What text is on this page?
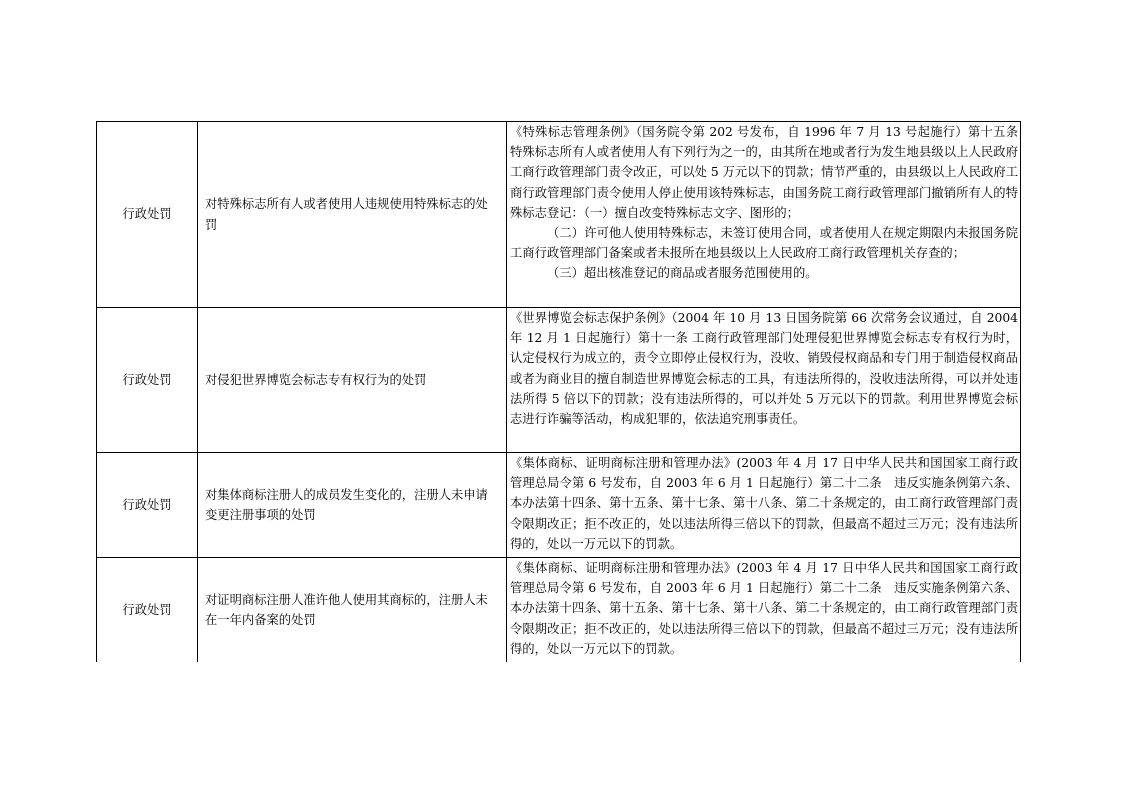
行政处罚	对特殊标志所有人或者使用人违规使用特殊标志的处罚	《特殊标志管理条例》（国务院令第 202 号发布，自 1996 年 7 月 13 号起施行）第十五条 特殊标志所有人或者使用人有下列行为之一的，由其所在地或者行为发生地县级以上人民政府工商行政管理部门责令改正，可以处 5 万元以下的罚款；情节严重的，由县级以上人民政府工商行政管理部门责令使用人停止使用该特殊标志，由国务院工商行政管理部门撤销所有人的特殊标志登记：（一）擅自改变特殊标志文字、图形的；

（二）许可他人使用特殊标志，未签订使用合同，或者使用人在规定期限内未报国务院工商行政管理部门备案或者未报所在地县级以上人民政府工商行政管理机关存查的；

（三）超出核准登记的商品或者服务范围使用的。

行政处罚	对侵犯世界博览会标志专有权行为的处罚	《世界博览会标志保护条例》（2004 年 10 月 13 日国务院第 66 次常务会议通过，自 2004 年 12 月 1 日起施行）第十一条 工商行政管理部门处理侵犯世界博览会标志专有权行为时，认定侵权行为成立的，责令立即停止侵权行为，没收、销毁侵权商品和专门用于制造侵权商品或者为商业目的擅自制造世界博览会标志的工具，有违法所得的，没收违法所得，可以并处违法所得 5 倍以下的罚款；没有违法所得的，可以并处 5 万元以下的罚款。利用世界博览会标志进行诈骗等活动，构成犯罪的，依法追究刑事责任。

行政处罚	对集体商标注册人的成员发生变化的，注册人未申请变更注册事项的处罚	《集体商标、证明商标注册和管理办法》(2003 年 4 月 17 日中华人民共和国国家工商行政管理总局令第 6 号发布，自 2003 年 6 月 1 日起施行）第二十二条　违反实施条例第六条、本办法第十四条、第十五条、第十七条、第十八条、第二十条规定的，由工商行政管理部门责令限期改正；拒不改正的，处以违法所得三倍以下的罚款，但最高不超过三万元；没有违法所得的，处以一万元以下的罚款。

行政处罚	对证明商标注册人准许他人使用其商标的，注册人未在一年内备案的处罚	《集体商标、证明商标注册和管理办法》(2003 年 4 月 17 日中华人民共和国国家工商行政管理总局令第 6 号发布，自 2003 年 6 月 1 日起施行）第二十二条　违反实施条例第六条、本办法第十四条、第十五条、第十七条、第十八条、第二十条规定的，由工商行政管理部门责令限期改正；拒不改正的，处以违法所得三倍以下的罚款，但最高不超过三万元；没有违法所得的，处以一万元以下的罚款。
